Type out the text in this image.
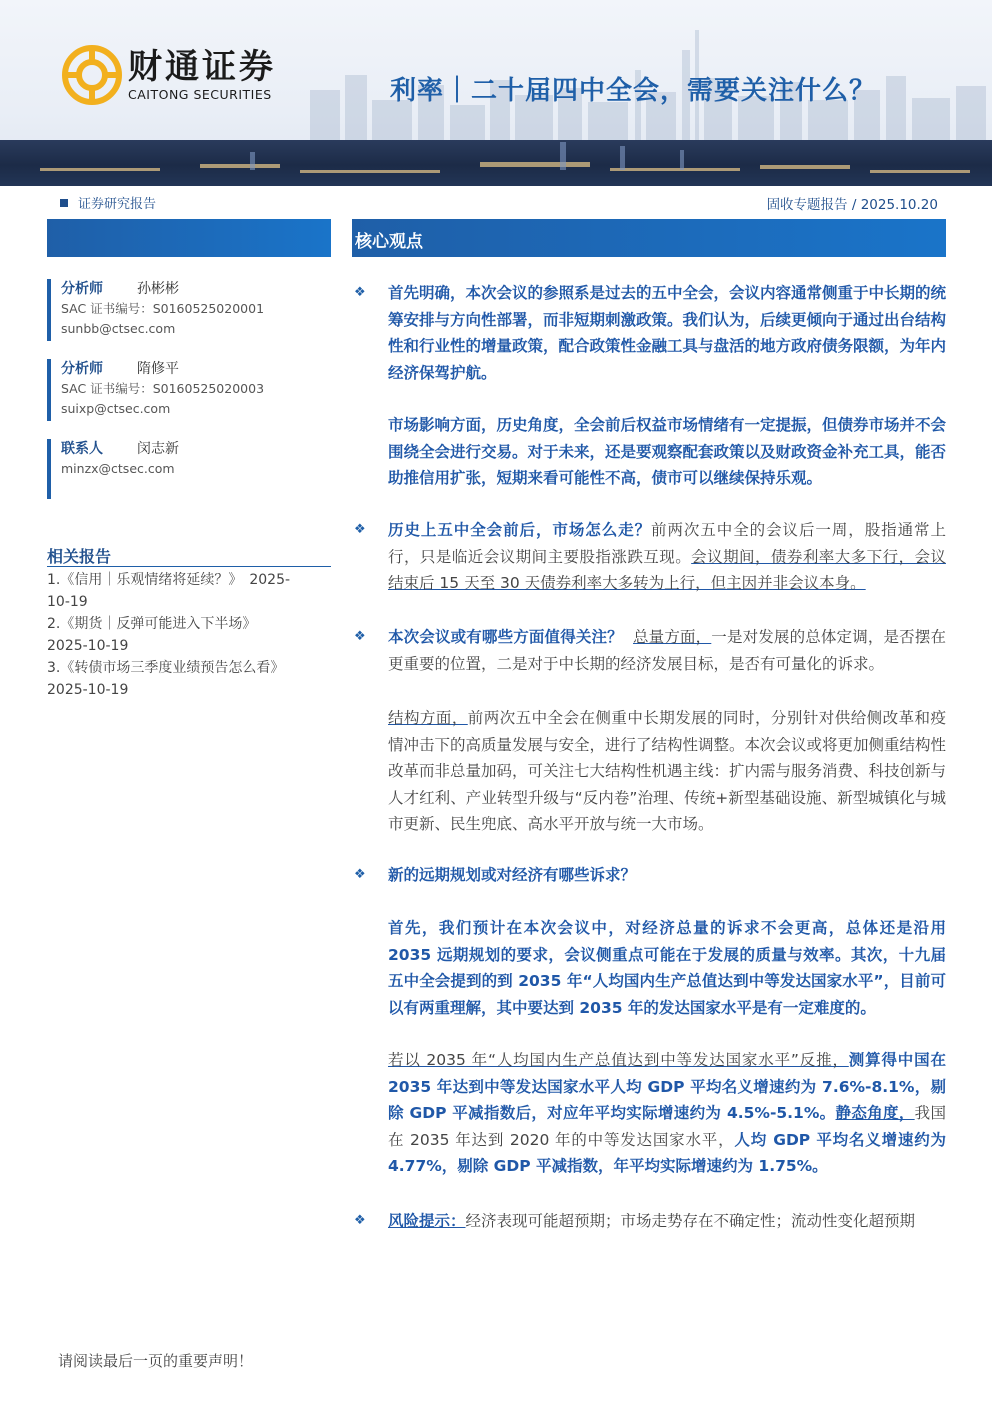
财通证券
CAITONG SECURITIES	利率｜二十届四中全会，需要关注什么？
证券研究报告	固收专题报告 / 2025.10.20
核心观点
分析师	孙彬彬
SAC 证书编号：S0160525020001
sunbb@ctsec.com
分析师	隋修平
SAC 证书编号：S0160525020003
suixp@ctsec.com
联系人	闵志新
minzx@ctsec.com
相关报告
1.《信用｜乐观情绪将延续？》　2025-
10-19
2.《期货｜反弹可能进入下半场》
2025-10-19
3.《转债市场三季度业绩预告怎么看》
2025-10-19
❖ 首先明确，本次会议的参照系是过去的五中全会，会议内容通常侧重于中长期的统筹安排与方向性部署，而非短期刺激政策。我们认为，后续更倾向于通过出台结构性和行业性的增量政策，配合政策性金融工具与盘活的地方政府债务限额，为年内经济保驾护航。
市场影响方面，历史角度，全会前后权益市场情绪有一定提振，但债券市场并不会围绕全会进行交易。对于未来，还是要观察配套政策以及财政资金补充工具，能否助推信用扩张，短期来看可能性不高，债市可以继续保持乐观。
❖ 历史上五中全会前后，市场怎么走？前两次五中全的会议后一周，股指通常上行，只是临近会议期间主要股指涨跌互现。会议期间，债券利率大多下行，会议结束后 15 天至 30 天债券利率大多转为上行，但主因并非会议本身。
❖ 本次会议或有哪些方面值得关注？ 总量方面，一是对发展的总体定调，是否摆在更重要的位置，二是对于中长期的经济发展目标，是否有可量化的诉求。
结构方面，前两次五中全会在侧重中长期发展的同时，分别针对供给侧改革和疫情冲击下的高质量发展与安全，进行了结构性调整。本次会议或将更加侧重结构性改革而非总量加码，可关注七大结构性机遇主线：扩内需与服务消费、科技创新与人才红利、产业转型升级与“反内卷”治理、传统+新型基础设施、新型城镇化与城市更新、民生兜底、高水平开放与统一大市场。
❖ 新的远期规划或对经济有哪些诉求？
首先，我们预计在本次会议中，对经济总量的诉求不会更高，总体还是沿用 2035 远期规划的要求，会议侧重点可能在于发展的质量与效率。其次，十九届五中全会提到的到 2035 年“人均国内生产总值达到中等发达国家水平”，目前可以有两重理解，其中要达到 2035 年的发达国家水平是有一定难度的。
若以 2035 年“人均国内生产总值达到中等发达国家水平”反推，测算得中国在 2035 年达到中等发达国家水平人均 GDP 平均名义增速约为 7.6%-8.1%，剔除 GDP 平减指数后，对应年平均实际增速约为 4.5%-5.1%。静态角度，我国在 2035 年达到 2020 年的中等发达国家水平，人均 GDP 平均名义增速约为 4.77%，剔除 GDP 平减指数，年平均实际增速约为 1.75%。
❖ 风险提示：经济表现可能超预期；市场走势存在不确定性；流动性变化超预期
请阅读最后一页的重要声明！
